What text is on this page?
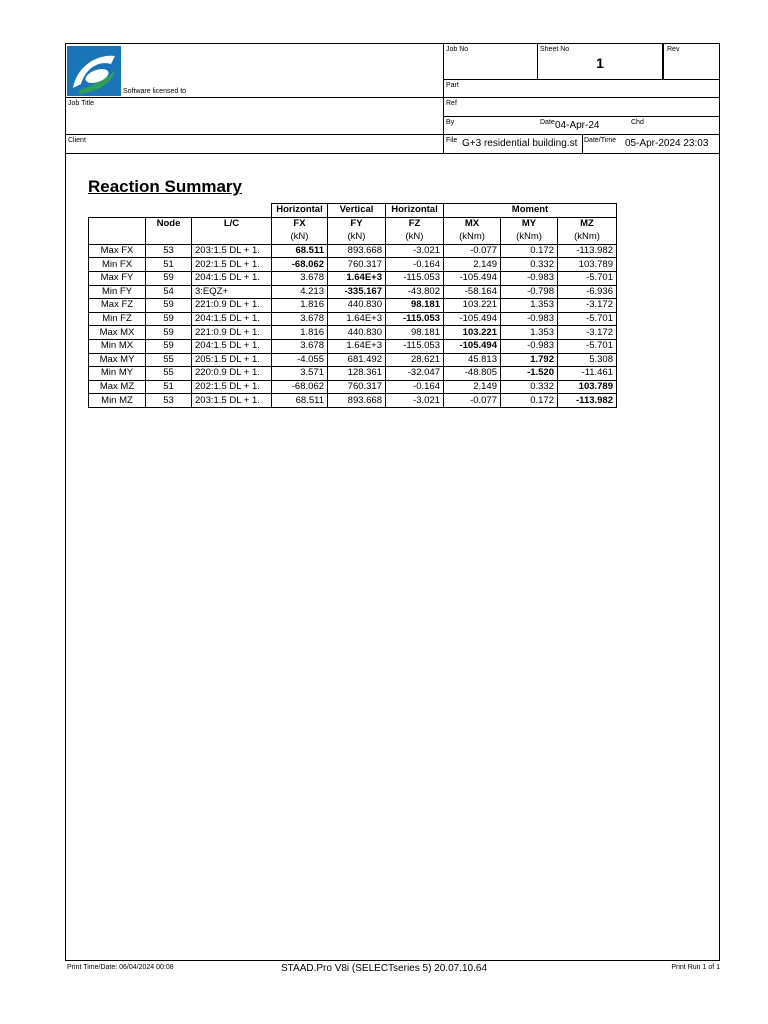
1
Software licensed to
Job No	Sheet No	Rev
Part
Job Title	Ref
By	Date 04-Apr-24	Chd
Client	File G+3 residential building.st Date/Time 05-Apr-2024 23:03
Reaction Summary
			Horizontal	Vertical	Horizontal	Moment		
	Node	L/C	FX	FY	FZ	MX	MY	MZ
			(kN)	(kN)	(kN)	(kNm)	(kNm)	(kNm)
Max FX	53	203:1.5 DL + 1.	68.511	893.668	-3.021	-0.077	0.172	-113.982
Min FX	51	202:1.5 DL + 1.	-68.062	760.317	-0.164	2.149	0.332	103.789
Max FY	59	204:1.5 DL + 1.	3.678	1.64E+3	-115.053	-105.494	-0.983	-5.701
Min FY	54	3:EQZ+	4.213	-335.167	-43.802	-58.164	-0.798	-6.936
Max FZ	59	221:0.9 DL + 1.	1.816	440.830	98.181	103.221	1.353	-3.172
Min FZ	59	204:1.5 DL + 1.	3.678	1.64E+3	-115.053	-105.494	-0.983	-5.701
Max MX	59	221:0.9 DL + 1.	1.816	440.830	98.181	103.221	1.353	-3.172
Min MX	59	204:1.5 DL + 1.	3.678	1.64E+3	-115.053	-105.494	-0.983	-5.701
Max MY	55	205:1.5 DL + 1.	-4.055	681.492	28.621	45.813	1.792	5.308
Min MY	55	220:0.9 DL + 1.	3.571	128.361	-32.047	-48.805	-1.520	-11.461
Max MZ	51	202:1.5 DL + 1.	-68.062	760.317	-0.164	2.149	0.332	103.789
Min MZ	53	203:1.5 DL + 1.	68.511	893.668	-3.021	-0.077	0.172	-113.982
Print Time/Date: 06/04/2024 00:08	STAAD.Pro V8i (SELECTseries 5) 20.07.10.64	Print Run 1 of 1
